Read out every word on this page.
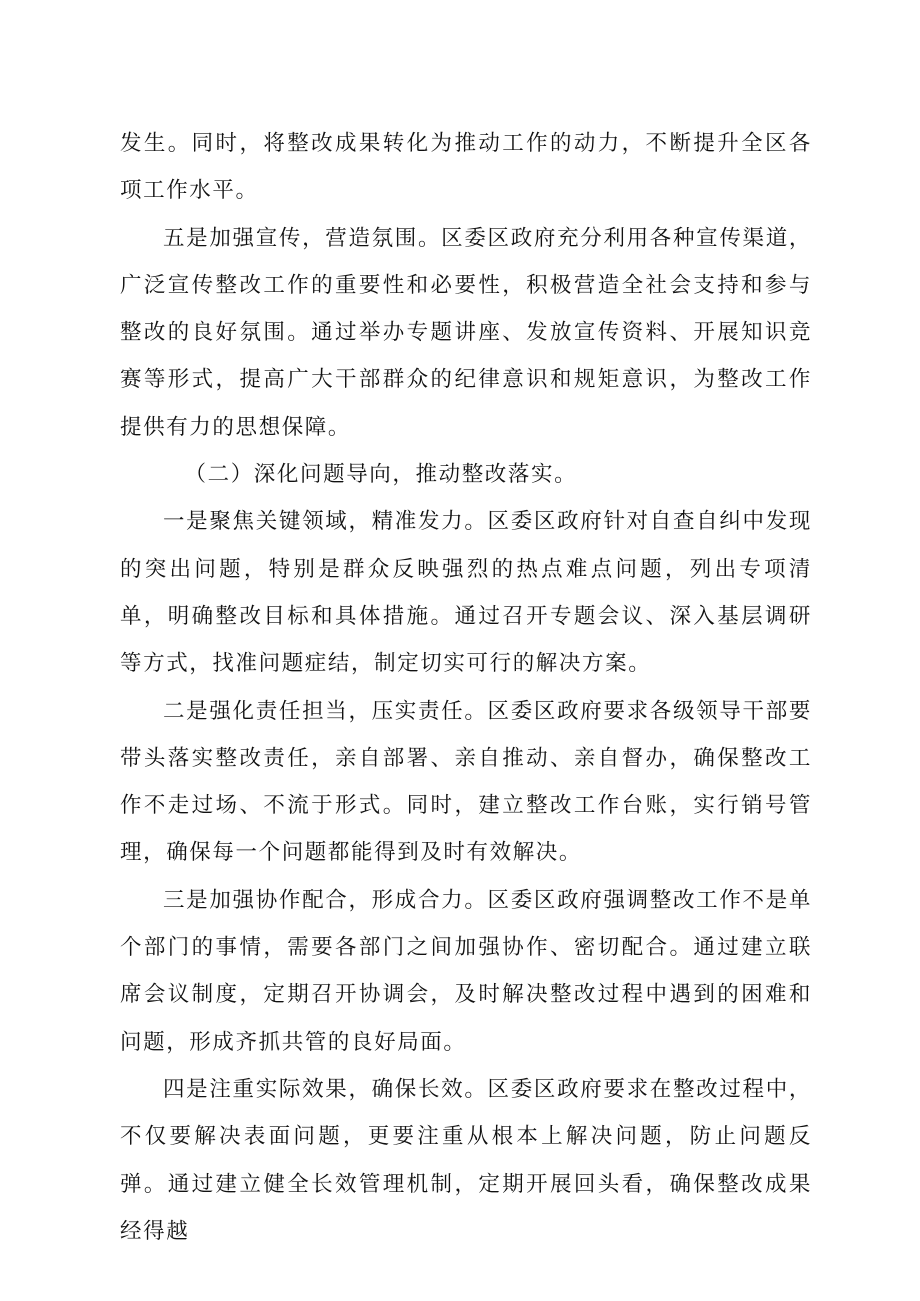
发生。同时，将整改成果转化为推动工作的动力，不断提升全区各项工作水平。

五是加强宣传，营造氛围。区委区政府充分利用各种宣传渠道，广泛宣传整改工作的重要性和必要性，积极营造全社会支持和参与整改的良好氛围。通过举办专题讲座、发放宣传资料、开展知识竞赛等形式，提高广大干部群众的纪律意识和规矩意识，为整改工作提供有力的思想保障。

（二）深化问题导向，推动整改落实。

一是聚焦关键领域，精准发力。区委区政府针对自查自纠中发现的突出问题，特别是群众反映强烈的热点难点问题，列出专项清单，明确整改目标和具体措施。通过召开专题会议、深入基层调研等方式，找准问题症结，制定切实可行的解决方案。

二是强化责任担当，压实责任。区委区政府要求各级领导干部要带头落实整改责任，亲自部署、亲自推动、亲自督办，确保整改工作不走过场、不流于形式。同时，建立整改工作台账，实行销号管理，确保每一个问题都能得到及时有效解决。

三是加强协作配合，形成合力。区委区政府强调整改工作不是单个部门的事情，需要各部门之间加强协作、密切配合。通过建立联席会议制度，定期召开协调会，及时解决整改过程中遇到的困难和问题，形成齐抓共管的良好局面。

四是注重实际效果，确保长效。区委区政府要求在整改过程中，不仅要解决表面问题，更要注重从根本上解决问题，防止问题反弹。通过建立健全长效管理机制，定期开展回头看，确保整改成果经得越
